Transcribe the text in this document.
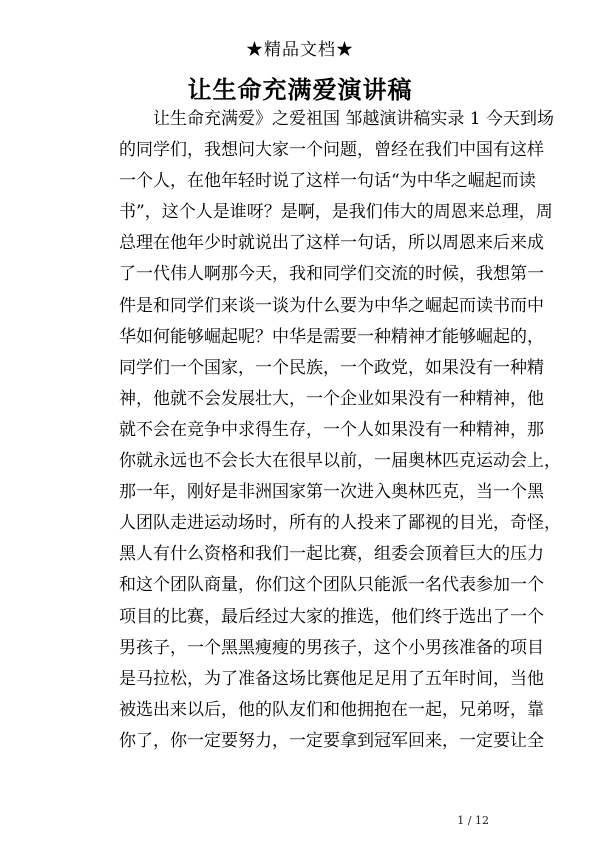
★精品文档★
让生命充满爱演讲稿
让生命充满爱》之爱祖国 邹越演讲稿实录 1 今天到场
的同学们，我想问大家一个问题，曾经在我们中国有这样
一个人，在他年轻时说了这样一句话“为中华之崛起而读
书”，这个人是谁呀？是啊，是我们伟大的周恩来总理，周
总理在他年少时就说出了这样一句话，所以周恩来后来成
了一代伟人啊那今天，我和同学们交流的时候，我想第一
件是和同学们来谈一谈为什么要为中华之崛起而读书而中
华如何能够崛起呢？中华是需要一种精神才能够崛起的，
同学们一个国家，一个民族，一个政党，如果没有一种精
神，他就不会发展壮大，一个企业如果没有一种精神，他
就不会在竞争中求得生存，一个人如果没有一种精神，那
你就永远也不会长大在很早以前，一届奥林匹克运动会上，
那一年，刚好是非洲国家第一次进入奥林匹克，当一个黑
人团队走进运动场时，所有的人投来了鄙视的目光，奇怪，
黑人有什么资格和我们一起比赛，组委会顶着巨大的压力
和这个团队商量，你们这个团队只能派一名代表参加一个
项目的比赛，最后经过大家的推选，他们终于选出了一个
男孩子，一个黑黑瘦瘦的男孩子，这个小男孩准备的项目
是马拉松，为了准备这场比赛他足足用了五年时间，当他
被选出来以后，他的队友们和他拥抱在一起，兄弟呀，靠
你了，你一定要努力，一定要拿到冠军回来，一定要让全
1 / 12
